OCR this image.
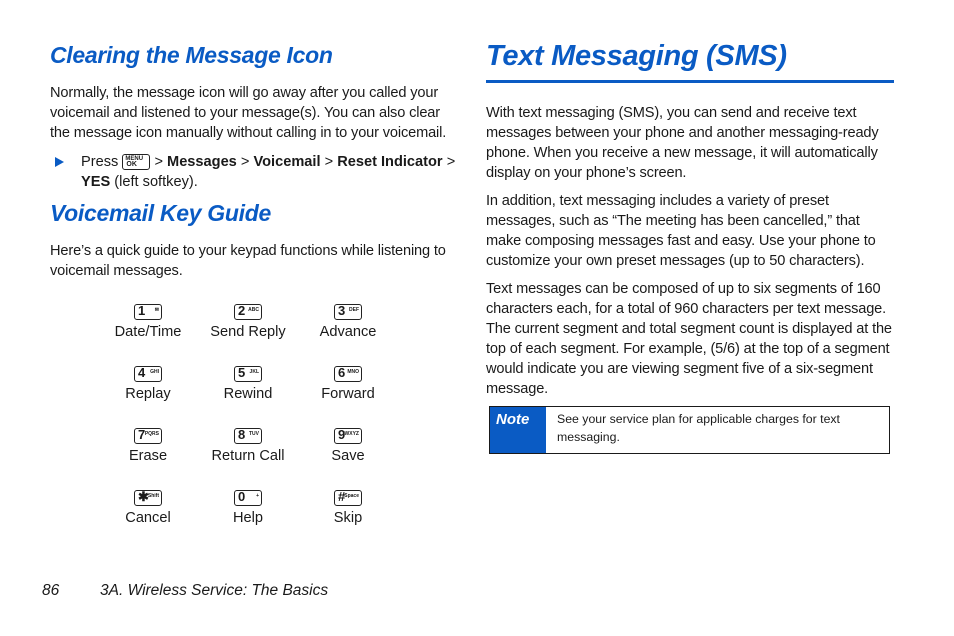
Clearing the Message Icon

Normally, the message icon will go away after you called your voicemail and listened to your message(s). You can also clear the message icon manually without calling in to your voicemail.

Press MENU
OK > Messages > Voicemail > Reset Indicator >
YES (left softkey).
Voicemail Key Guide

Here’s a quick guide to your keypad functions while listening to voicemail messages.

1 ✉
Date/Time
2 ABC
Send Reply
3 DEF
Advance
4 GHI
Replay
5 JKL
Rewind
6 MNO
Forward
7 PQRS
Erase
8 TUV
Return Call
9 WXYZ
Save
✱
Shift
Cancel
0 +
Help
# Space
Skip
Text Messaging (SMS)

With text messaging (SMS), you can send and receive text messages between your phone and another messaging-ready phone. When you receive a new message, it will automatically display on your phone’s screen.

In addition, text messaging includes a variety of preset messages, such as “The meeting has been cancelled,” that make composing messages fast and easy. Use your phone to customize your own preset messages (up to 50 characters).

Text messages can be composed of up to six segments of 160 characters each, for a total of 960 characters per text message. The current segment and total segment count is displayed at the top of each segment. For example, (5/6) at the top of a segment would indicate you are viewing segment five of a six-segment message.

Note	See your service plan for applicable charges for text messaging.
86	3A. Wireless Service: The Basics
